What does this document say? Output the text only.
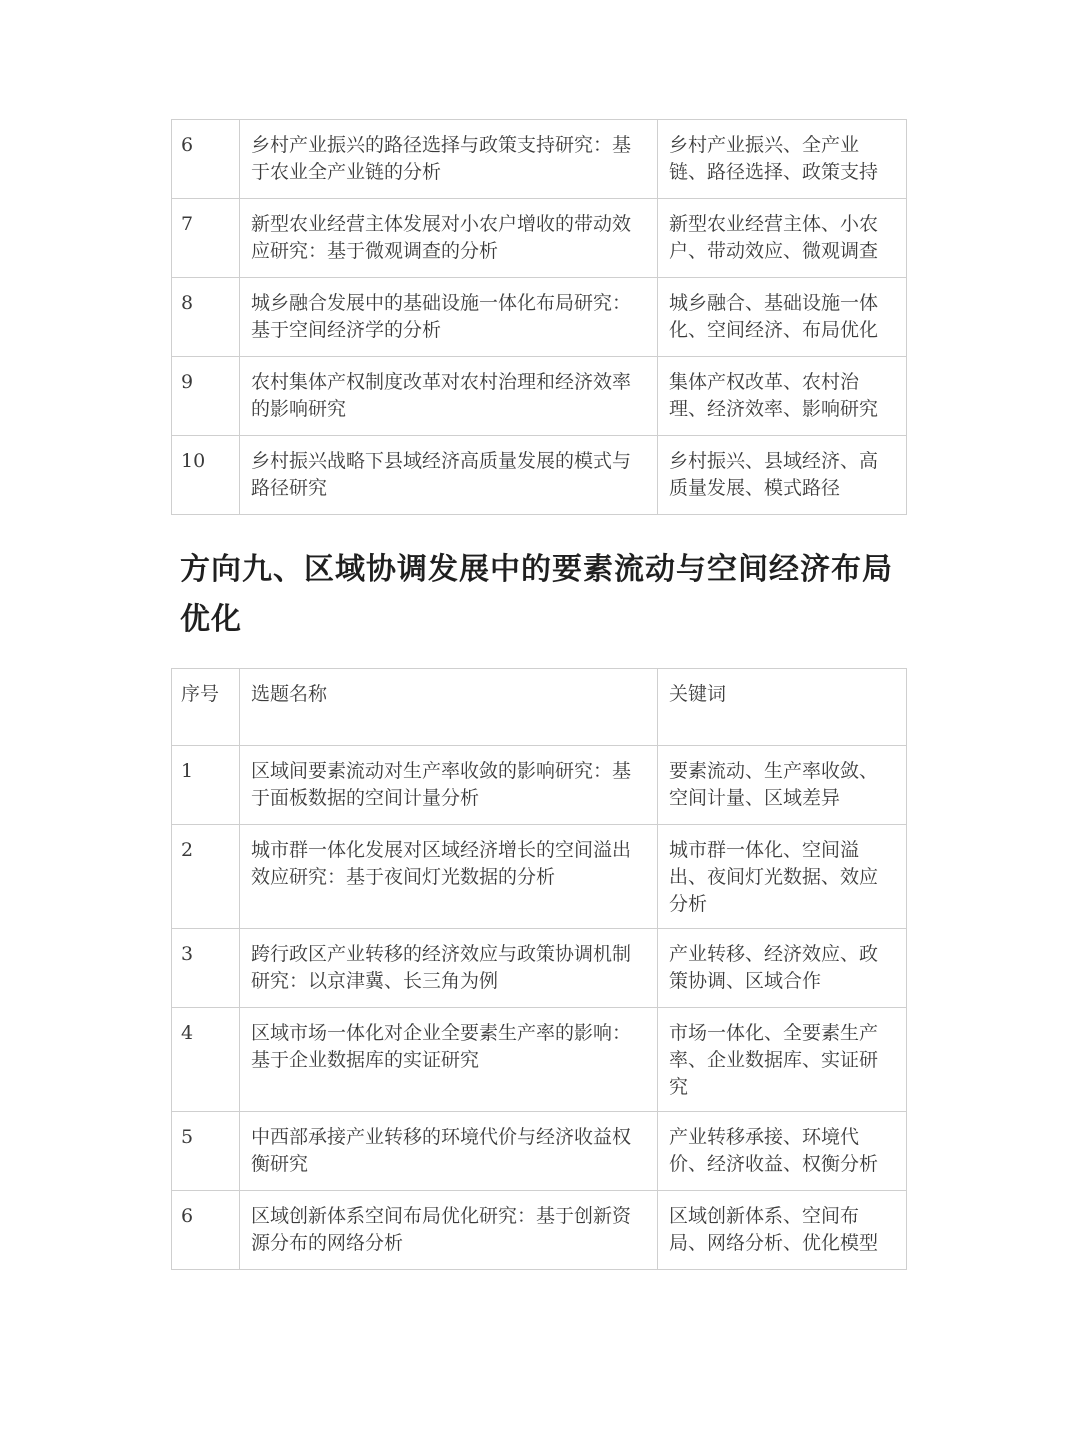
6	乡村产业振兴的路径选择与政策支持研究：基于农业全产业链的分析	乡村产业振兴、全产业链、路径选择、政策支持
7	新型农业经营主体发展对小农户增收的带动效应研究：基于微观调查的分析	新型农业经营主体、小农户、带动效应、微观调查
8	城乡融合发展中的基础设施一体化布局研究：基于空间经济学的分析	城乡融合、基础设施一体化、空间经济、布局优化
9	农村集体产权制度改革对农村治理和经济效率的影响研究	集体产权改革、农村治理、经济效率、影响研究
10	乡村振兴战略下县域经济高质量发展的模式与路径研究	乡村振兴、县域经济、高质量发展、模式路径
方向九、区域协调发展中的要素流动与空间经济布局优化
序号	选题名称	关键词
1	区域间要素流动对生产率收敛的影响研究：基于面板数据的空间计量分析	要素流动、生产率收敛、空间计量、区域差异
2	城市群一体化发展对区域经济增长的空间溢出效应研究：基于夜间灯光数据的分析	城市群一体化、空间溢出、夜间灯光数据、效应分析
3	跨行政区产业转移的经济效应与政策协调机制研究：以京津冀、长三角为例	产业转移、经济效应、政策协调、区域合作
4	区域市场一体化对企业全要素生产率的影响：基于企业数据库的实证研究	市场一体化、全要素生产率、企业数据库、实证研究
5	中西部承接产业转移的环境代价与经济收益权衡研究	产业转移承接、环境代价、经济收益、权衡分析
6	区域创新体系空间布局优化研究：基于创新资源分布的网络分析	区域创新体系、空间布局、网络分析、优化模型
